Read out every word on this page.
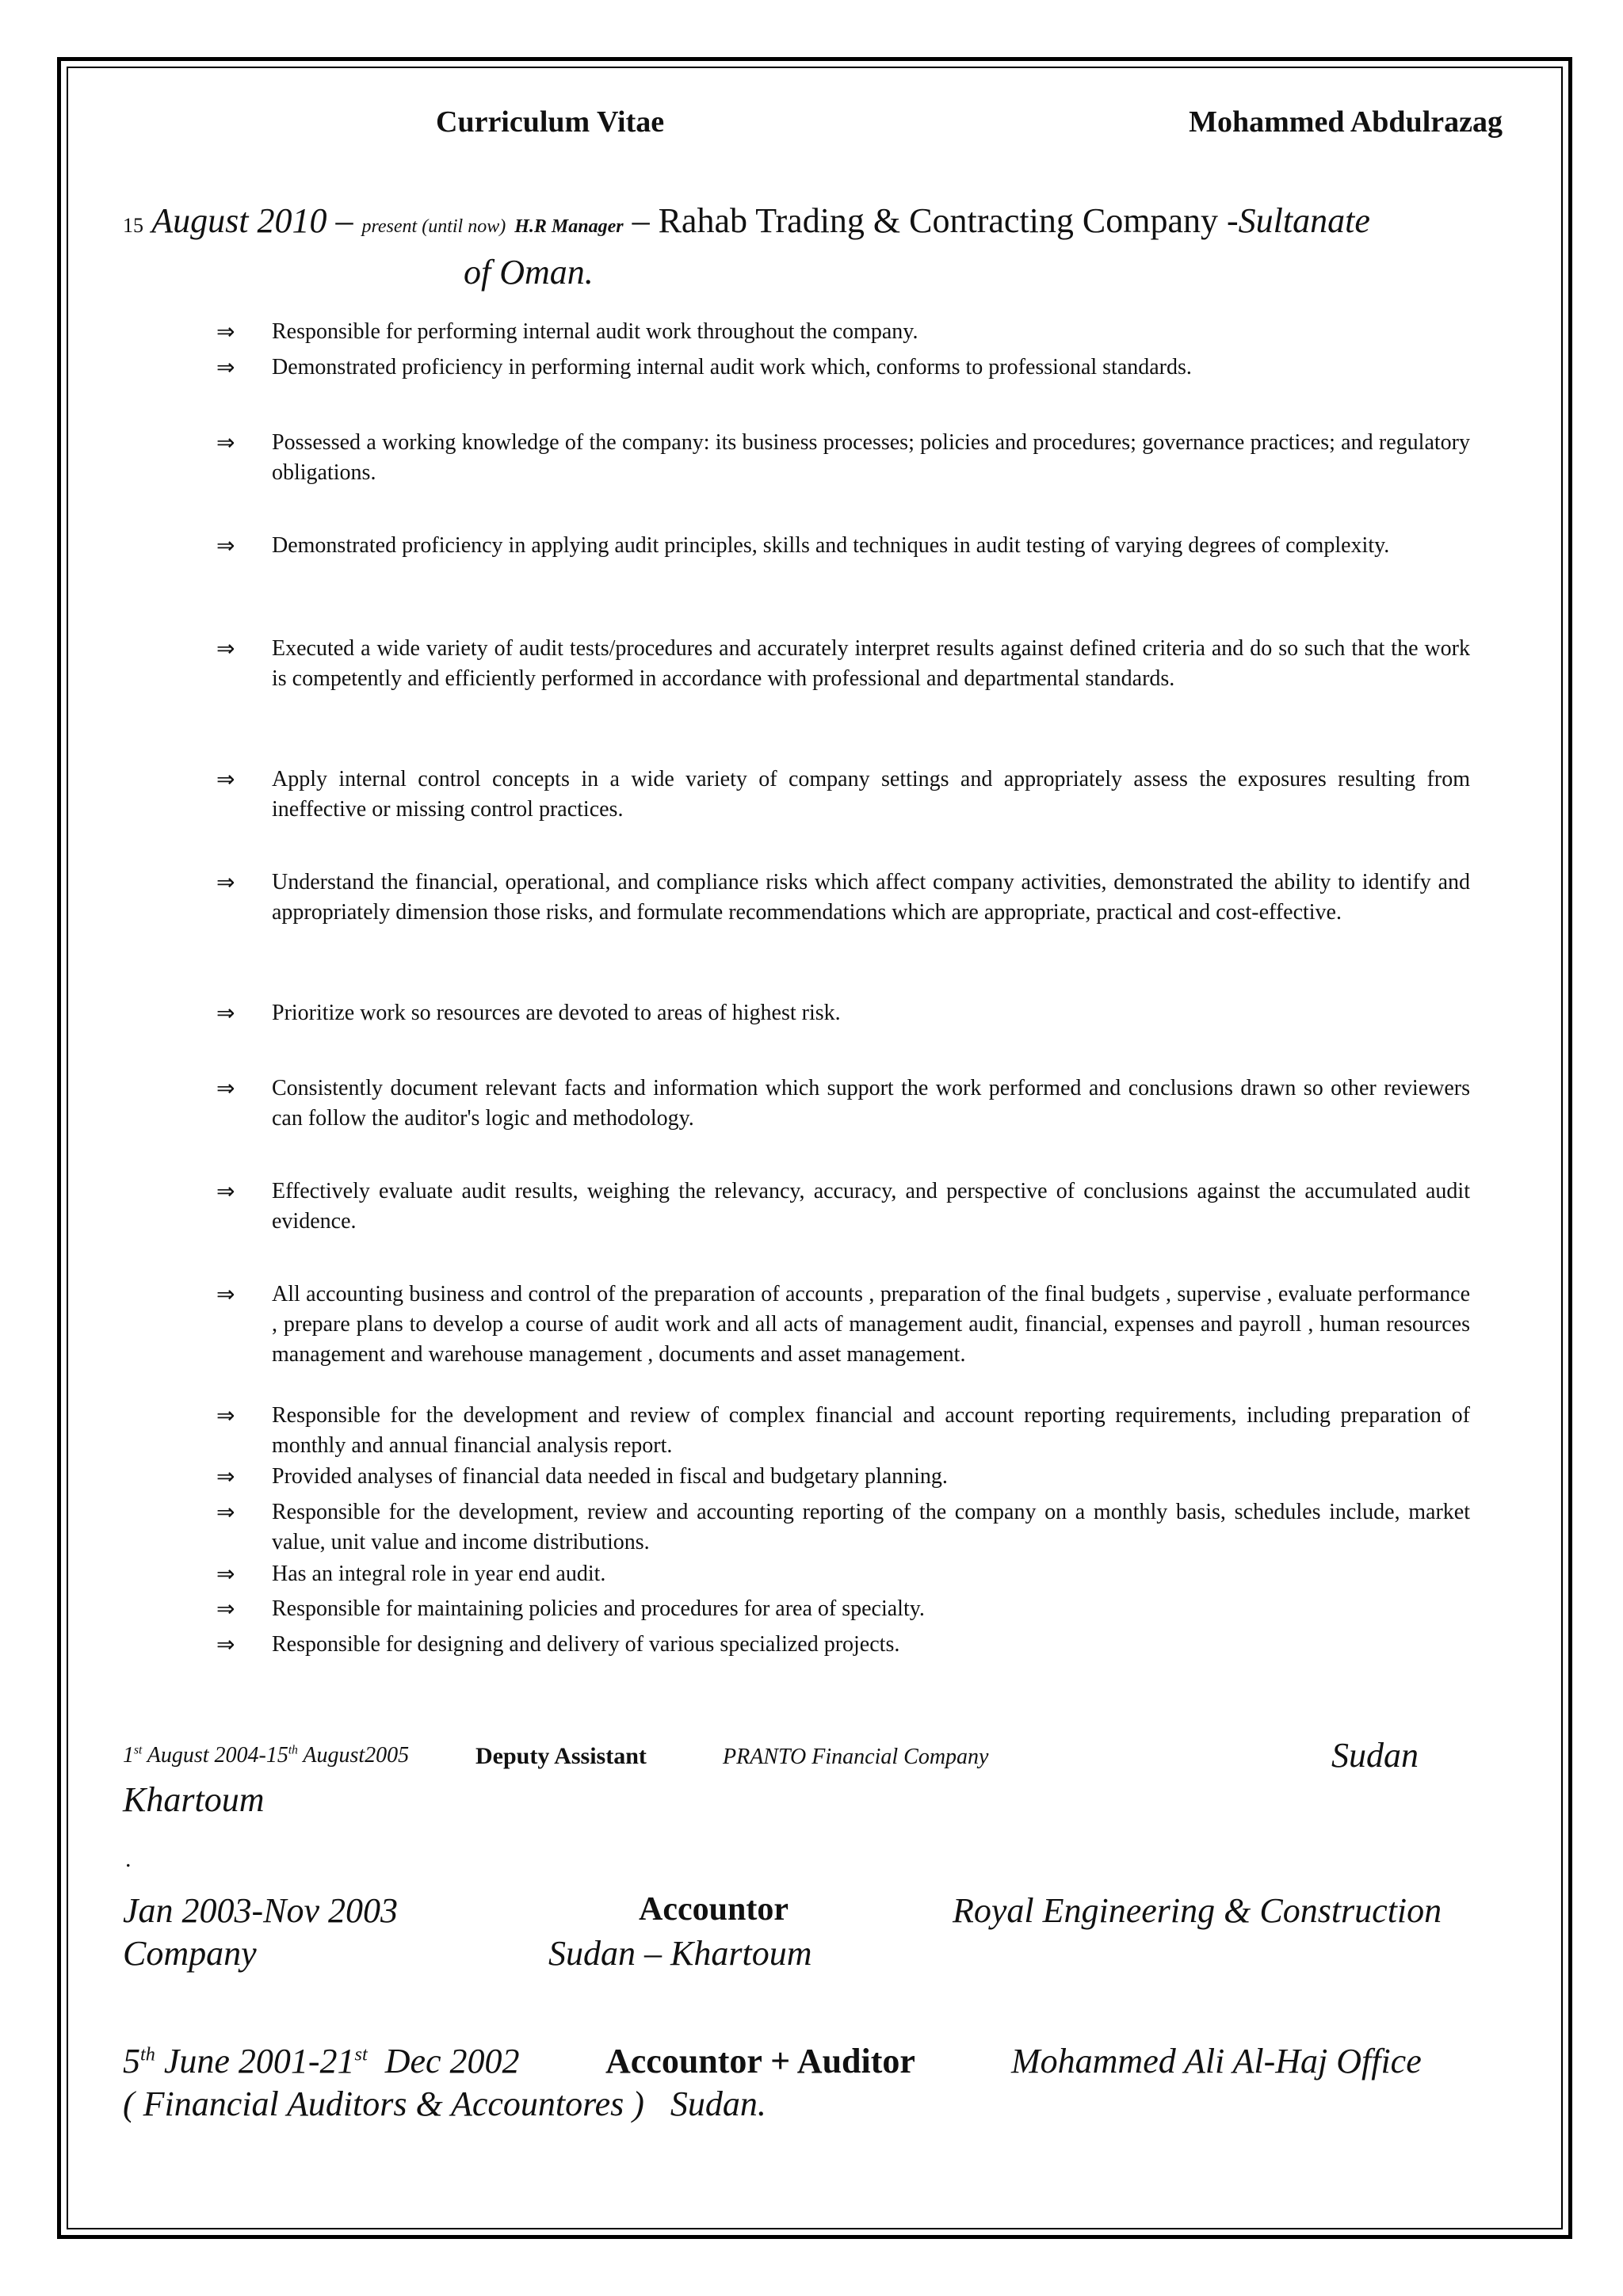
Curriculum Vitae	Mohammed Abdulrazag
15 August 2010 – present (until now) H.R Manager – Rahab Trading & Contracting Company -Sultanate
of Oman.
⇒	Responsible for performing internal audit work throughout the company.
⇒	Demonstrated proficiency in performing internal audit work which, conforms to professional standards.
⇒	Possessed a working knowledge of the company: its business processes; policies and procedures; governance practices; and regulatory obligations.
⇒	Demonstrated proficiency in applying audit principles, skills and techniques in audit testing of varying degrees of complexity.
⇒	Executed a wide variety of audit tests/procedures and accurately interpret results against defined criteria and do so such that the work is competently and efficiently performed in accordance with professional and departmental standards.
⇒	Apply internal control concepts in a wide variety of company settings and appropriately assess the exposures resulting from ineffective or missing control practices.
⇒	Understand the financial, operational, and compliance risks which affect company activities, demonstrated the ability to identify and appropriately dimension those risks, and formulate recommendations which are appropriate, practical and cost-effective.
⇒	Prioritize work so resources are devoted to areas of highest risk.
⇒	Consistently document relevant facts and information which support the work performed and conclusions drawn so other reviewers can follow the auditor's logic and methodology.
⇒	Effectively evaluate audit results, weighing the relevancy, accuracy, and perspective of conclusions against the accumulated audit evidence.
⇒	All accounting business and control of the preparation of accounts , preparation of the final budgets , supervise , evaluate performance , prepare plans to develop a course of audit work and all acts of management audit, financial, expenses and payroll , human resources management and warehouse management , documents and asset management.
⇒	Responsible for the development and review of complex financial and account reporting requirements, including preparation of monthly and annual financial analysis report.
⇒	Provided analyses of financial data needed in fiscal and budgetary planning.
⇒	Responsible for the development, review and accounting reporting of the company on a monthly basis, schedules include, market value, unit value and income distributions.
⇒	Has an integral role in year end audit.
⇒	Responsible for maintaining policies and procedures for area of specialty.
⇒	Responsible for designing and delivery of various specialized projects.
1st August 2004-15th August2005	Deputy Assistant	PRANTO Financial Company	Sudan
Khartoum
.
Jan 2003-Nov 2003	Accountor	Royal Engineering & Construction
Company	Sudan – Khartoum
5th June 2001-21st  Dec 2002 Accountor + Auditor	Mohammed Ali Al-Haj Office
( Financial Auditors & Accountores )   Sudan.
